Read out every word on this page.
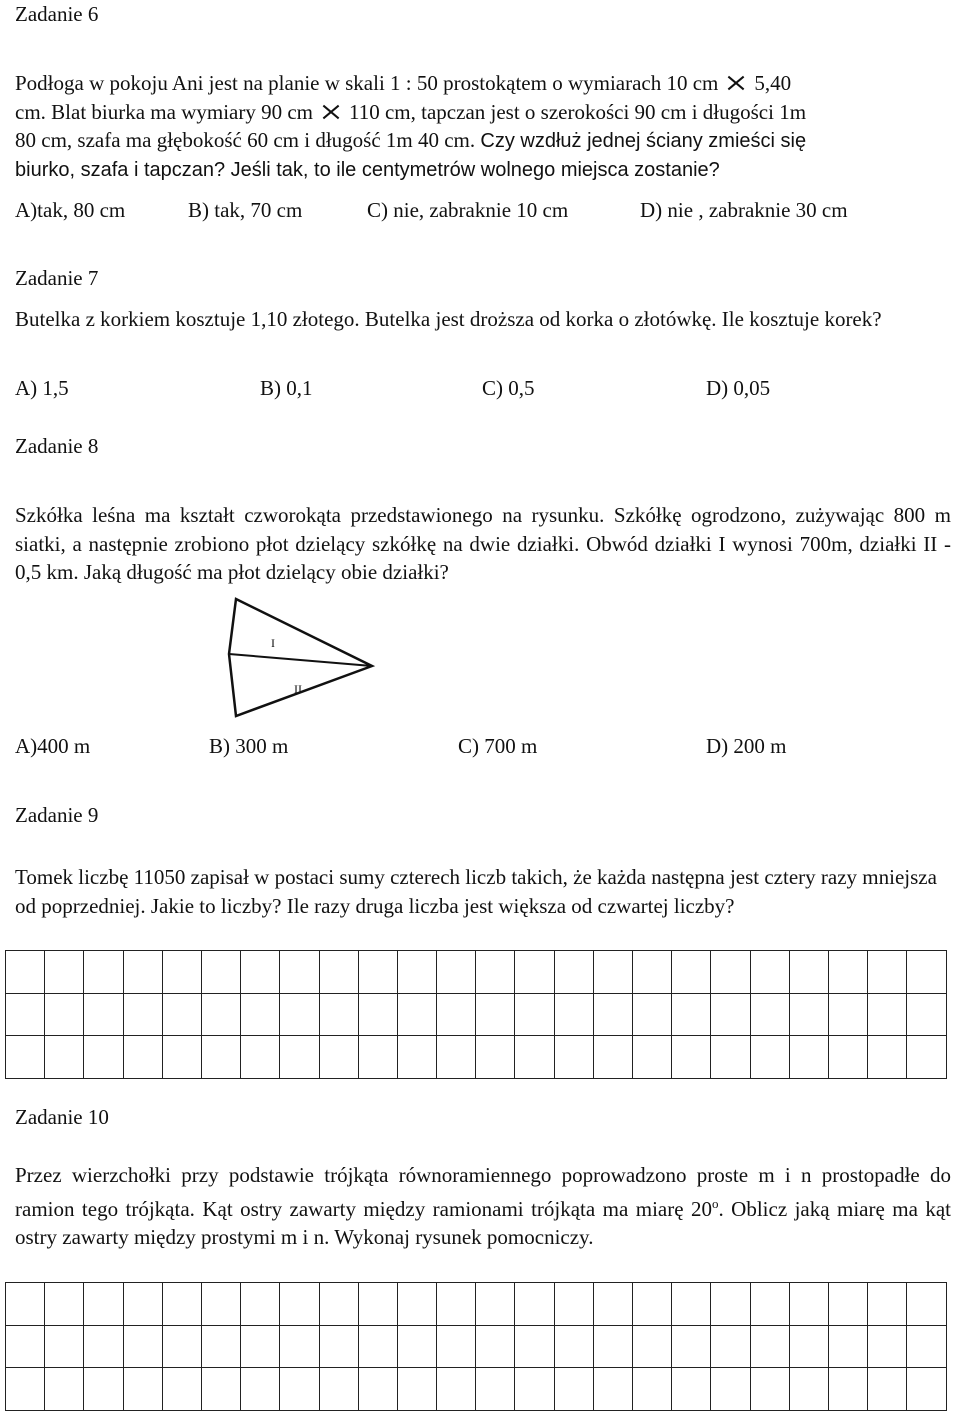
Zadanie 6
Podłoga w pokoju Ani jest na planie w skali 1 : 50 prostokątem o wymiarach 10 cm 5,40
cm. Blat biurka ma wymiary 90 cm 110 cm, tapczan jest o szerokości 90 cm i długości 1m
80 cm, szafa ma głębokość 60 cm i długość 1m 40 cm. Czy wzdłuż jednej ściany zmieści się
biurko, szafa i tapczan? Jeśli tak, to ile centymetrów wolnego miejsca zostanie?
A)tak, 80 cm	B) tak, 70 cm	C) nie, zabraknie 10 cm	D) nie , zabraknie 30 cm
Zadanie 7
Butelka z korkiem kosztuje 1,10 złotego. Butelka jest droższa od korka o złotówkę. Ile kosztuje korek?
A) 1,5	B) 0,1	C) 0,5	D) 0,05
Zadanie 8
Szkółka leśna ma kształt czworokąta przedstawionego na rysunku. Szkółkę ogrodzono, zużywając 800 m siatki, a następnie zrobiono płot dzielący szkółkę na dwie działki. Obwód działki I wynosi 700m, działki II - 0,5 km. Jaką długość ma płot dzielący obie działki?
I
II
A)400 m	B) 300 m	C) 700 m	D) 200 m
Zadanie 9
Tomek liczbę 11050 zapisał w postaci sumy czterech liczb takich, że każda następna jest cztery razy mniejsza od poprzedniej. Jakie to liczby? Ile razy druga liczba jest większa od czwartej liczby?

Zadanie 10
Przez wierzchołki przy podstawie trójkąta równoramiennego poprowadzono proste m i n prostopadłe do ramion tego trójkąta. Kąt ostry zawarty między ramionami trójkąta ma miarę 20$^o$. Oblicz jaką miarę ma kąt ostry zawarty między prostymi m i n. Wykonaj rysunek pomocniczy.
